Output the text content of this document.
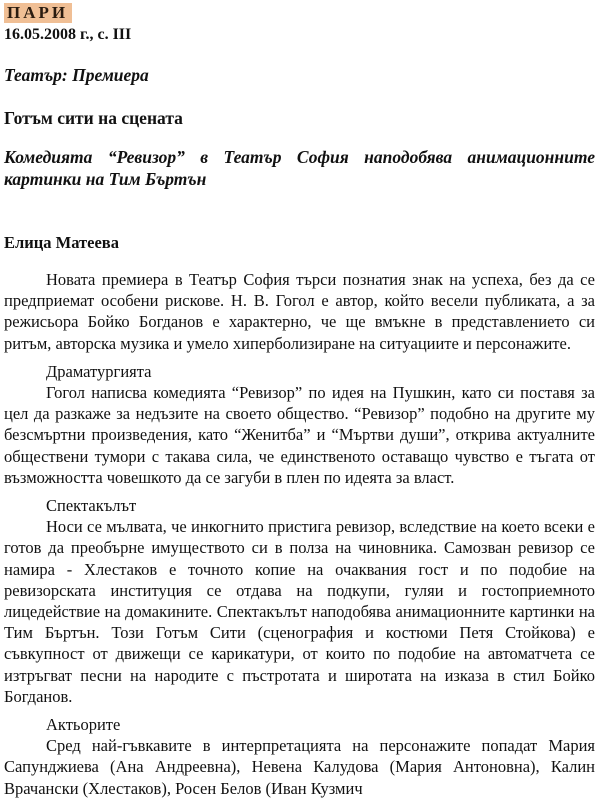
ПАРИ
16.05.2008 г., с. III
Театър: Премиера
Готъм сити на сцената
Комедията “Ревизор” в Театър София наподобява анимационните картинки на Тим Бъртън
Елица Матеева

Новата премиера в Театър София търси познатия знак на успеха, без да се предприемат особени рискове. Н. В. Гогол е автор, който весели публиката, а за режисьора Бойко Богданов е характерно, че ще вмъкне в представлението си ритъм, авторска музика и умело хиперболизиране на ситуациите и персонажите.

Драматургията

Гогол написва комедията “Ревизор” по идея на Пушкин, като си поставя за цел да разкаже за недъзите на своето общество. “Ревизор” подобно на другите му безсмъртни произведения, като “Женитба” и “Мъртви души”, открива актуалните обществени тумори с такава сила, че единственото оставащо чувство е тъгата от възможността човешкото да се загуби в плен по идеята за власт.

Спектакълът

Носи се мълвата, че инкогнито пристига ревизор, вследствие на което всеки е готов да преобърне имуществото си в полза на чиновника. Самозван ревизор се намира - Хлестаков е точното копие на очаквания гост и по подобие на ревизорската институция се отдава на подкупи, гуляи и гостоприемното лицедействие на домакините. Спектакълът наподобява анимационните картинки на Тим Бъртън. Този Готъм Сити (сценография и костюми Петя Стойкова) е съвкупност от движещи се карикатури, от които по подобие на автоматчета се изтръгват песни на народите с пъстротата и широтата на изказа в стил Бойко Богданов.

Актьорите

Сред най-гъвкавите в интерпретацията на персонажите попадат Мария Сапунджиева (Ана Андреевна), Невена Калудова (Мария Антоновна), Калин Врачански (Хлестаков), Росен Белов (Иван Кузмич
